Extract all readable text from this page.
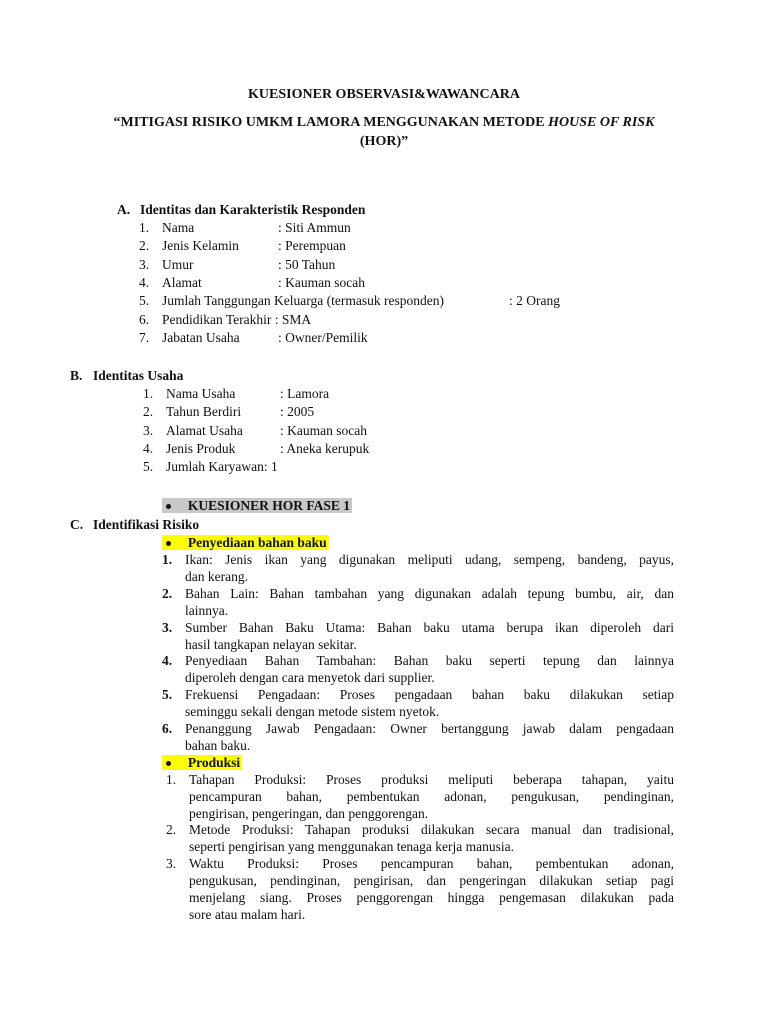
KUESIONER OBSERVASI&WAWANCARA
“MITIGASI RISIKO UMKM LAMORA MENGGUNAKAN METODE HOUSE OF RISK
(HOR)”
A. Identitas dan Karakteristik Responden
1. Nama	: Siti Ammun
2. Jenis Kelamin	: Perempuan
3. Umur	: 50 Tahun
4. Alamat	: Kauman socah
5. Jumlah Tanggungan Keluarga (termasuk responden)	: 2 Orang
6. Pendidikan Terakhir : SMA
7. Jabatan Usaha	: Owner/Pemilik
B. Identitas Usaha
1. Nama Usaha	: Lamora
2. Tahun Berdiri	: 2005
3. Alamat Usaha	: Kauman socah
4. Jenis Produk	: Aneka kerupuk
5. Jumlah Karyawan: 1
KUESIONER HOR FASE 1
C. Identifikasi Risiko
Penyediaan bahan baku
1. Ikan: Jenis ikan yang digunakan meliputi udang, sempeng, bandeng, payus,
dan kerang.
2. Bahan Lain: Bahan tambahan yang digunakan adalah tepung bumbu, air, dan
lainnya.
3. Sumber Bahan Baku Utama: Bahan baku utama berupa ikan diperoleh dari
hasil tangkapan nelayan sekitar.
4. Penyediaan Bahan Tambahan: Bahan baku seperti tepung dan lainnya
diperoleh dengan cara menyetok dari supplier.
5. Frekuensi Pengadaan: Proses pengadaan bahan baku dilakukan setiap
seminggu sekali dengan metode sistem nyetok.
6. Penanggung Jawab Pengadaan: Owner bertanggung jawab dalam pengadaan
bahan baku.
Produksi
1. Tahapan Produksi: Proses produksi meliputi beberapa tahapan, yaitu
pencampuran bahan, pembentukan adonan, pengukusan, pendinginan,
pengirisan, pengeringan, dan penggorengan.
2. Metode Produksi: Tahapan produksi dilakukan secara manual dan tradisional,
seperti pengirisan yang menggunakan tenaga kerja manusia.
3. Waktu Produksi: Proses pencampuran bahan, pembentukan adonan,
pengukusan, pendinginan, pengirisan, dan pengeringan dilakukan setiap pagi
menjelang siang. Proses penggorengan hingga pengemasan dilakukan pada
sore atau malam hari.
